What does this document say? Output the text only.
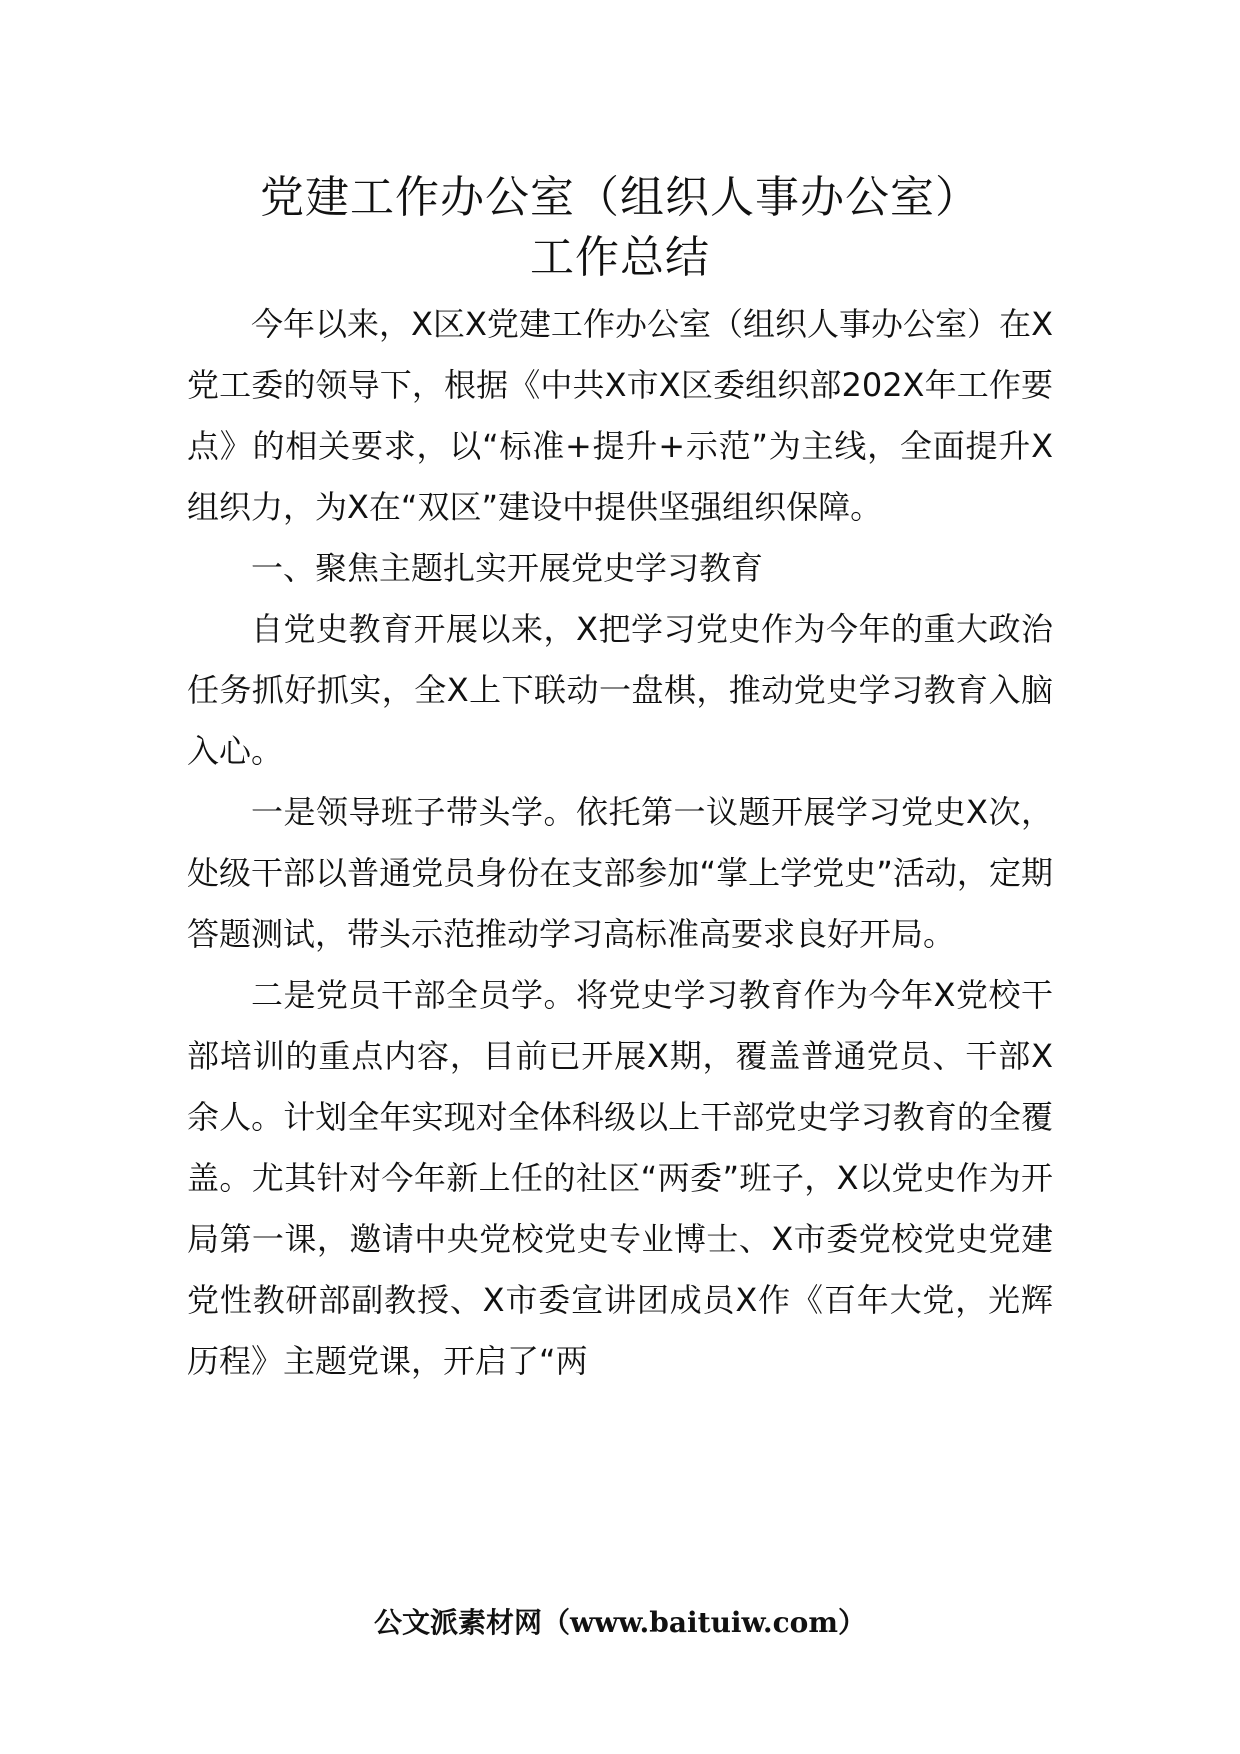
党建工作办公室（组织人事办公室）
工作总结

今年以来，X区X党建工作办公室（组织人事办公室）在X党工委的领导下，根据《中共X市X区委组织部202X年工作要点》的相关要求，以“标准+提升+示范”为主线，全面提升X组织力，为X在“双区”建设中提供坚强组织保障。

一、聚焦主题扎实开展党史学习教育

自党史教育开展以来，X把学习党史作为今年的重大政治任务抓好抓实，全X上下联动一盘棋，推动党史学习教育入脑入心。

一是领导班子带头学。依托第一议题开展学习党史X次，处级干部以普通党员身份在支部参加“掌上学党史”活动，定期答题测试，带头示范推动学习高标准高要求良好开局。

二是党员干部全员学。将党史学习教育作为今年X党校干部培训的重点内容，目前已开展X期，覆盖普通党员、干部X余人。计划全年实现对全体科级以上干部党史学习教育的全覆盖。尤其针对今年新上任的社区“两委”班子，X以党史作为开局第一课，邀请中央党校党史专业博士、X市委党校党史党建党性教研部副教授、X市委宣讲团成员X作《百年大党，光辉历程》主题党课，开启了“两

公文派素材网（www.baituiw.com）
